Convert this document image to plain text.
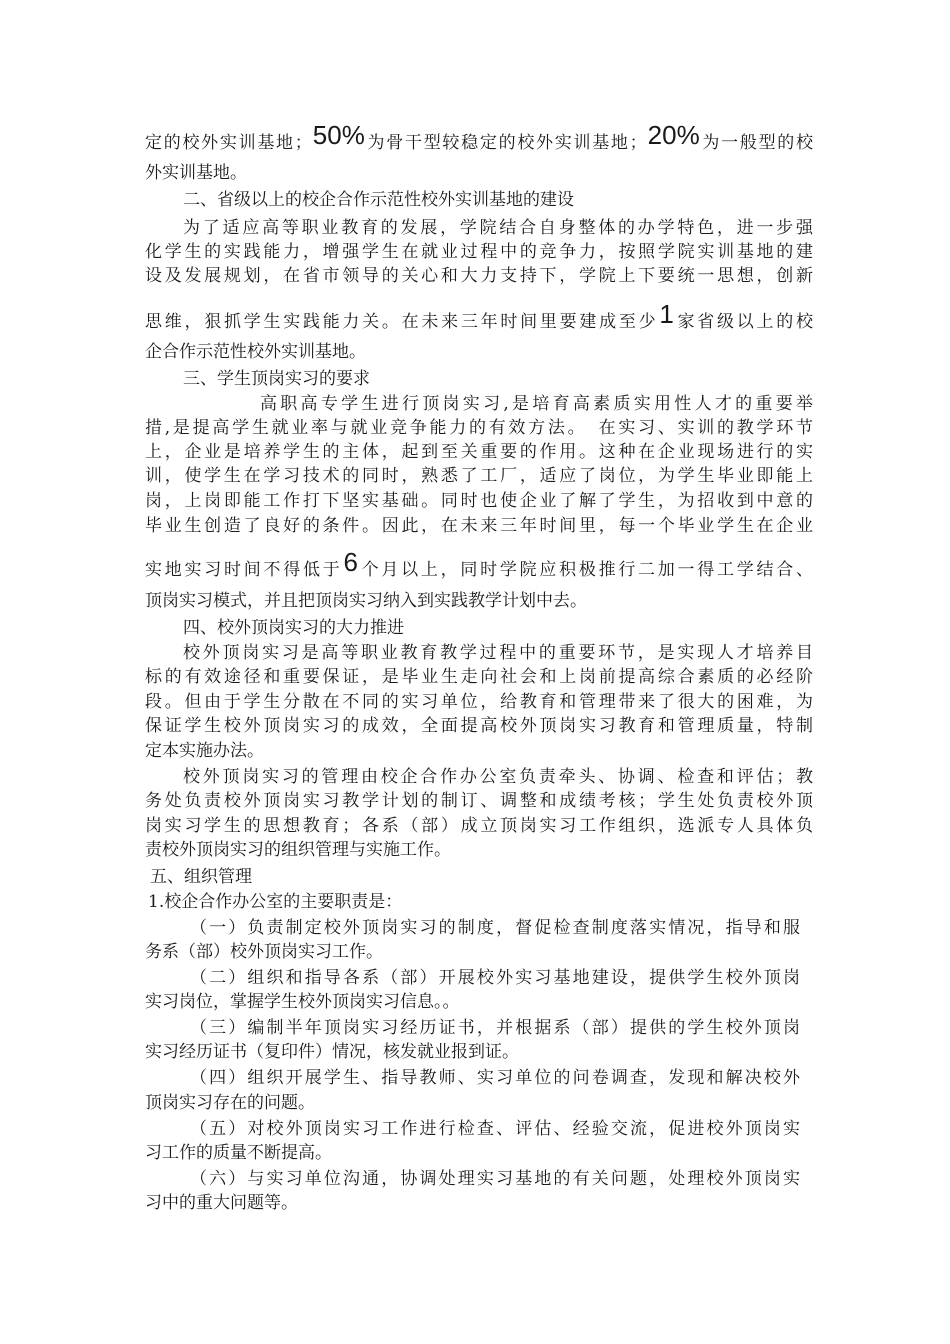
定的校外实训基地；50%为骨干型较稳定的校外实训基地；20%为一般型的校
外实训基地。
二、省级以上的校企合作示范性校外实训基地的建设
为了适应高等职业教育的发展，学院结合自身整体的办学特色，进一步强
化学生的实践能力，增强学生在就业过程中的竞争力，按照学院实训基地的建
设及发展规划，在省市领导的关心和大力支持下，学院上下要统一思想，创新
思维，狠抓学生实践能力关。在未来三年时间里要建成至少1家省级以上的校
企合作示范性校外实训基地。
三、学生顶岗实习的要求
高职高专学生进行顶岗实习,是培育高素质实用性人才的重要举
措,是提高学生就业率与就业竞争能力的有效方法。　在实习、实训的教学环节
上，企业是培养学生的主体，起到至关重要的作用。这种在企业现场进行的实
训，使学生在学习技术的同时，熟悉了工厂，适应了岗位，为学生毕业即能上
岗，上岗即能工作打下坚实基础。同时也使企业了解了学生，为招收到中意的
毕业生创造了良好的条件。因此，在未来三年时间里，每一个毕业学生在企业
实地实习时间不得低于6个月以上，同时学院应积极推行二加一得工学结合、
顶岗实习模式，并且把顶岗实习纳入到实践教学计划中去。
四、校外顶岗实习的大力推进
校外顶岗实习是高等职业教育教学过程中的重要环节，是实现人才培养目
标的有效途径和重要保证，是毕业生走向社会和上岗前提高综合素质的必经阶
段。但由于学生分散在不同的实习单位，给教育和管理带来了很大的困难，为
保证学生校外顶岗实习的成效，全面提高校外顶岗实习教育和管理质量，特制
定本实施办法。
校外顶岗实习的管理由校企合作办公室负责牵头、协调、检查和评估；教
务处负责校外顶岗实习教学计划的制订、调整和成绩考核；学生处负责校外顶
岗实习学生的思想教育；各系（部）成立顶岗实习工作组织，选派专人具体负
责校外顶岗实习的组织管理与实施工作。
五、组织管理
1.校企合作办公室的主要职责是：
（一）负责制定校外顶岗实习的制度，督促检查制度落实情况，指导和服
务系（部）校外顶岗实习工作。
（二）组织和指导各系（部）开展校外实习基地建设，提供学生校外顶岗
实习岗位，掌握学生校外顶岗实习信息。。
（三）编制半年顶岗实习经历证书，并根据系（部）提供的学生校外顶岗
实习经历证书（复印件）情况，核发就业报到证。
（四）组织开展学生、指导教师、实习单位的问卷调查，发现和解决校外
顶岗实习存在的问题。
（五）对校外顶岗实习工作进行检查、评估、经验交流，促进校外顶岗实
习工作的质量不断提高。
（六）与实习单位沟通，协调处理实习基地的有关问题，处理校外顶岗实
习中的重大问题等。
